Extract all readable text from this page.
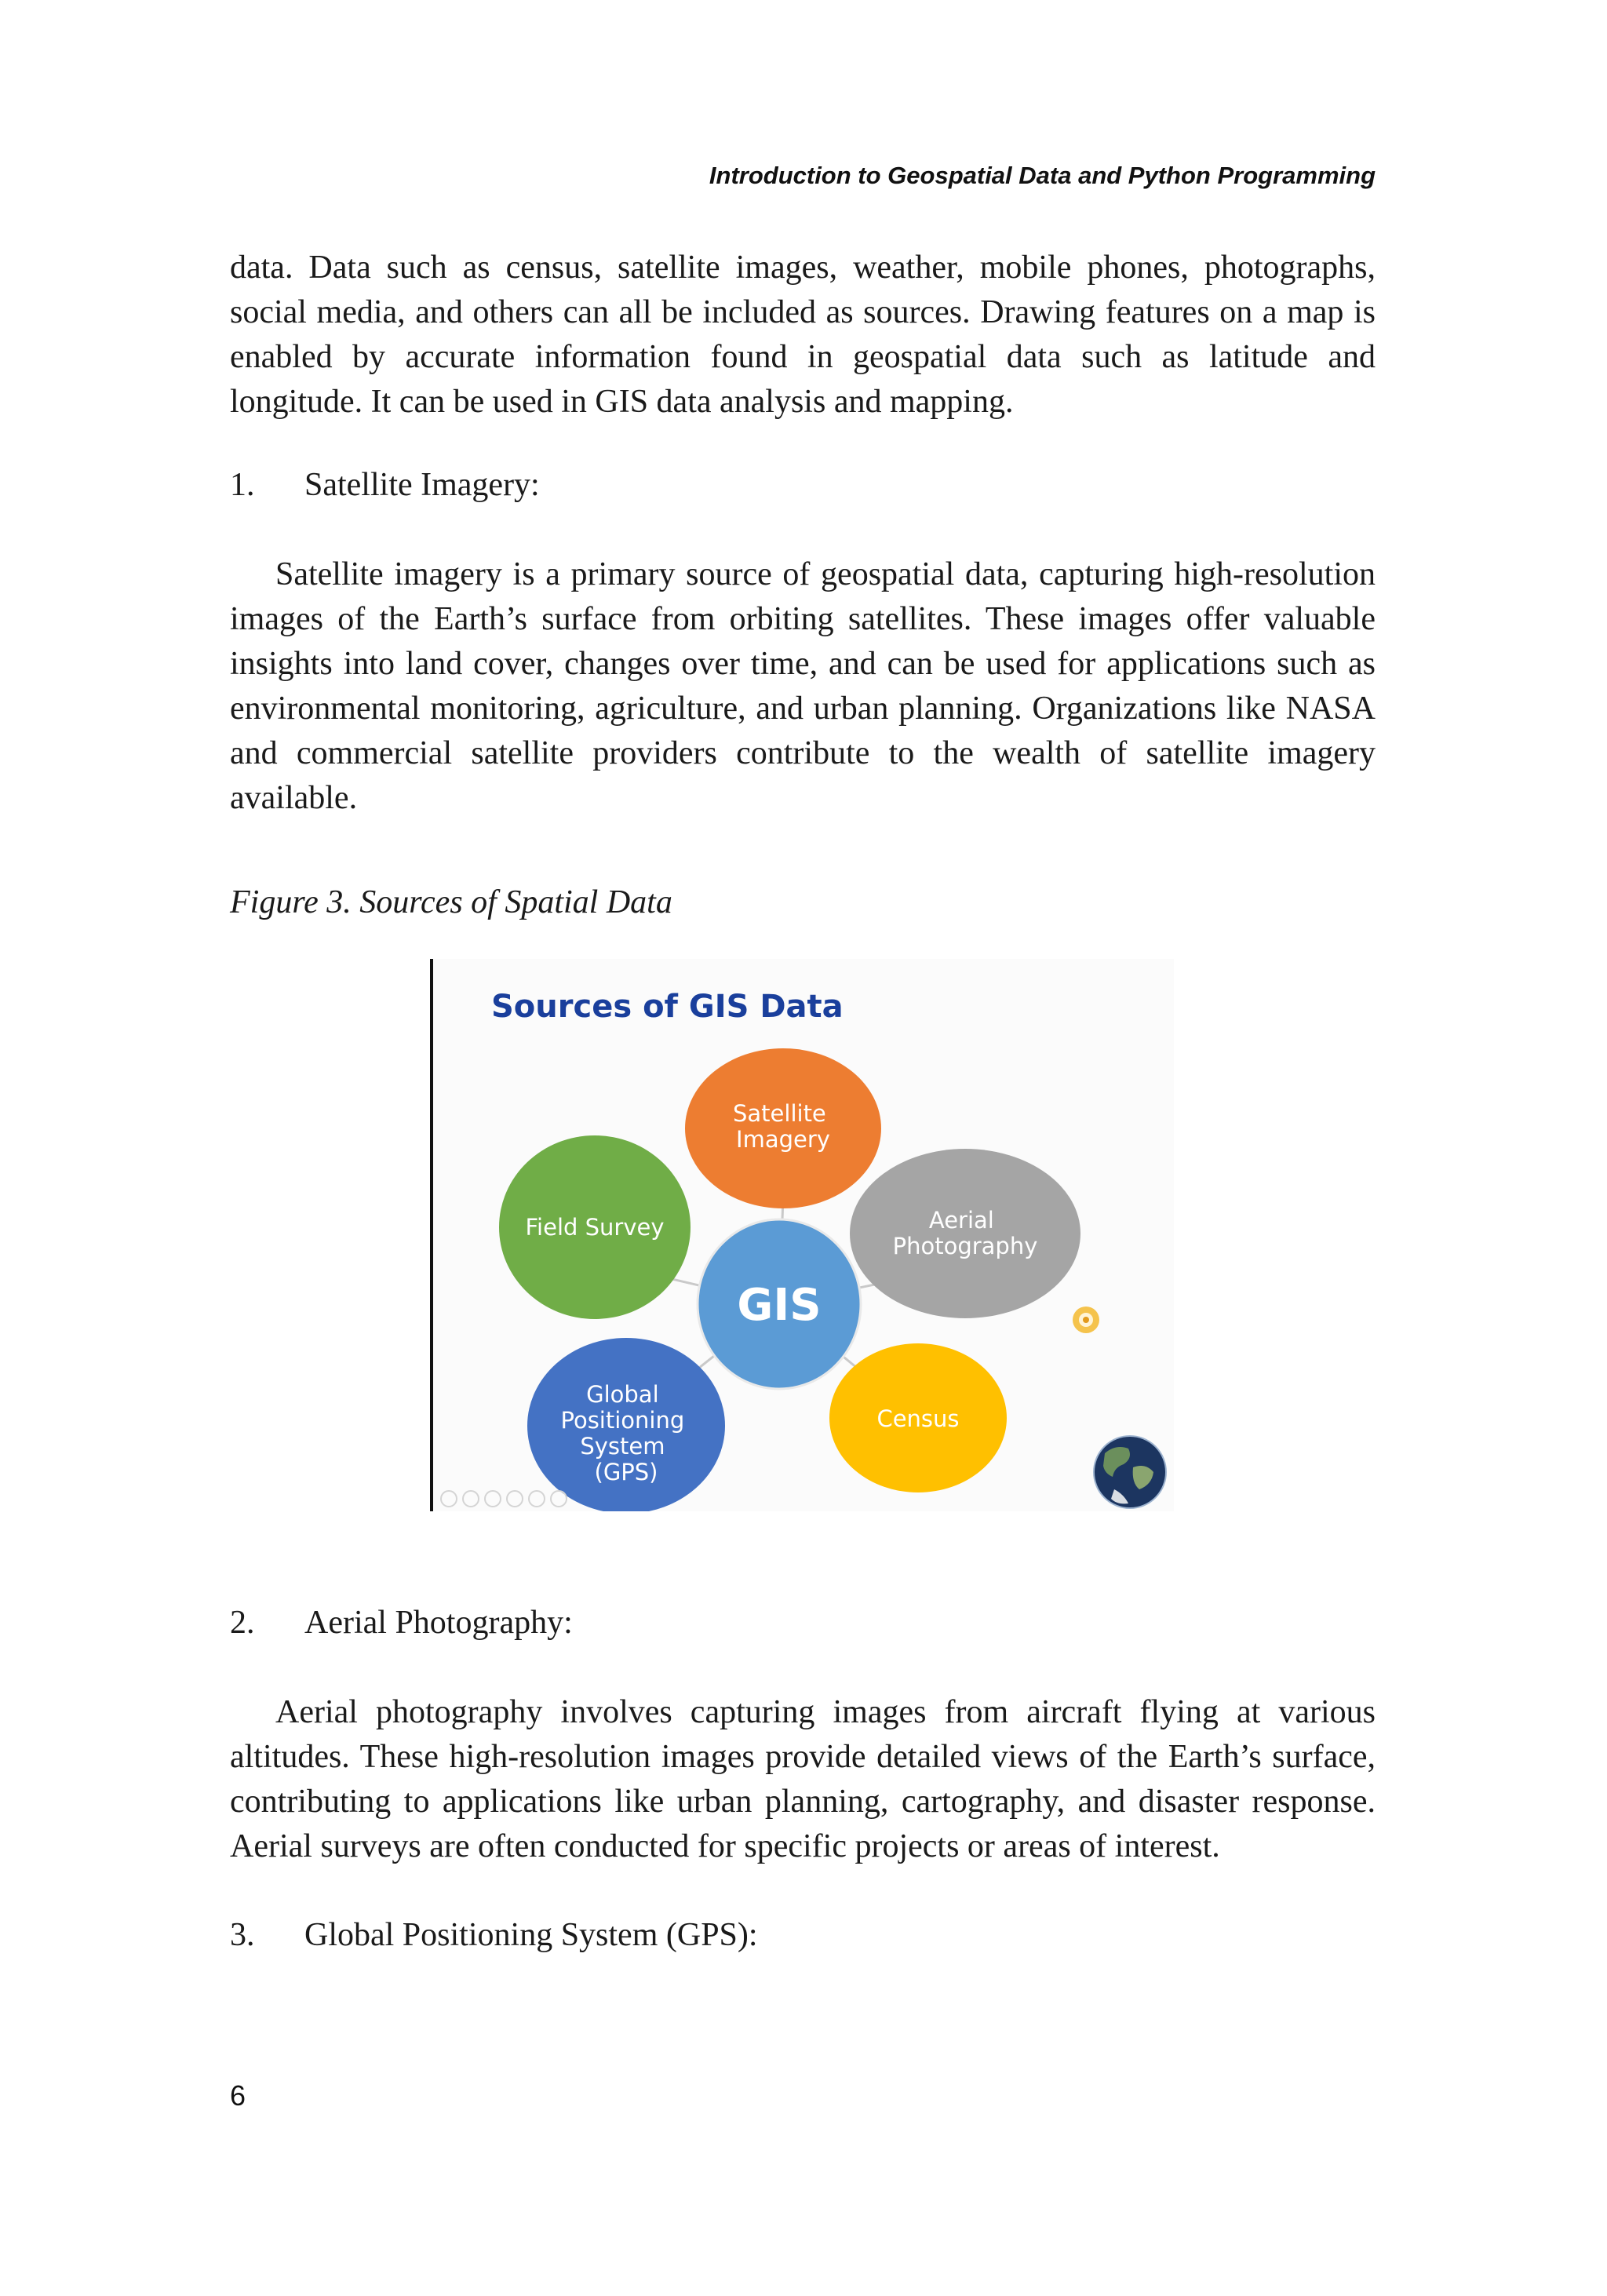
Introduction to Geospatial Data and Python Programming

data. Data such as census, satellite images, weather, mobile phones, photographs, social media, and others can all be included as sources. Drawing features on a map is enabled by accurate information found in geospatial data such as latitude and longitude. It can be used in GIS data analysis and mapping.

1. Satellite Imagery:

Satellite imagery is a primary source of geospatial data, capturing high-resolution images of the Earth’s surface from orbiting satellites. These images offer valuable insights into land cover, changes over time, and can be used for applications such as environmental monitoring, agriculture, and urban planning. Organizations like NASA and commercial satellite providers contribute to the wealth of satellite imagery available.

Figure 3. Sources of Spatial Data
Sources of GIS Data
Satellite Imagery
Aerial Photography
Field Survey
Global Positioning System (GPS)
Census
GIS
2. Aerial Photography:

Aerial photography involves capturing images from aircraft flying at various altitudes. These high-resolution images provide detailed views of the Earth’s surface, contributing to applications like urban planning, cartography, and disaster response. Aerial surveys are often conducted for specific projects or areas of interest.

3. Global Positioning System (GPS):
6
